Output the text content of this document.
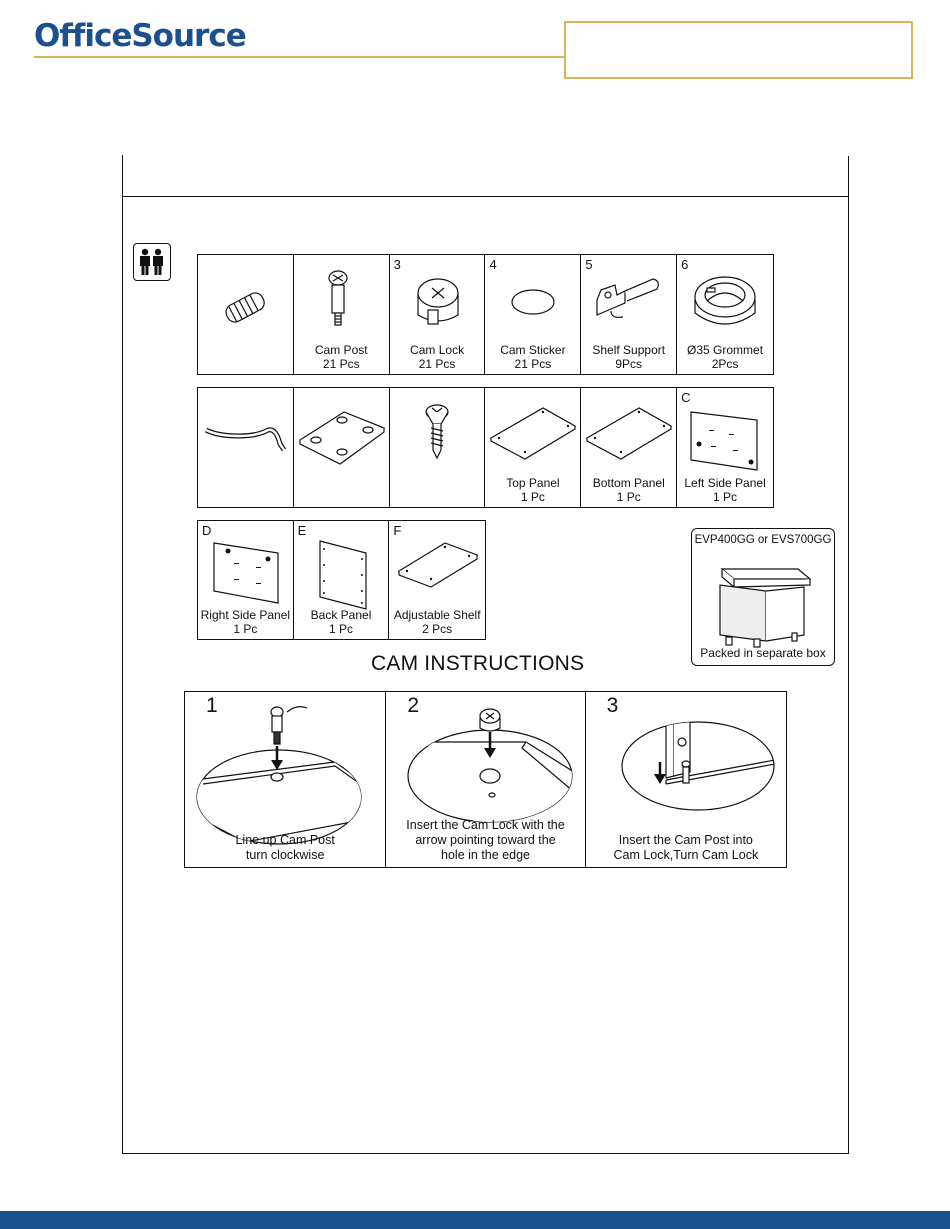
OfficeSource

Cam Post
21 Pcs
3
Cam Lock
21 Pcs
4
Cam Sticker
21 Pcs
5
Shelf Support
9Pcs
6
Ø35 Grommet
2Pcs

Top Panel
1 Pc
Bottom Panel
1 Pc
C
Left Side Panel
1 Pc
D
Right Side Panel
1 Pc
E
Back Panel
1 Pc
F
Adjustable Shelf
2 Pcs
EVP400GG or EVS700GG
Packed in separate box
CAM INSTRUCTIONS
1
Line up Cam Post
turn clockwise
2
Insert the Cam Lock with the
arrow pointing toward the
hole in the edge
3
Insert the Cam Post into
Cam Lock,Turn Cam Lock
